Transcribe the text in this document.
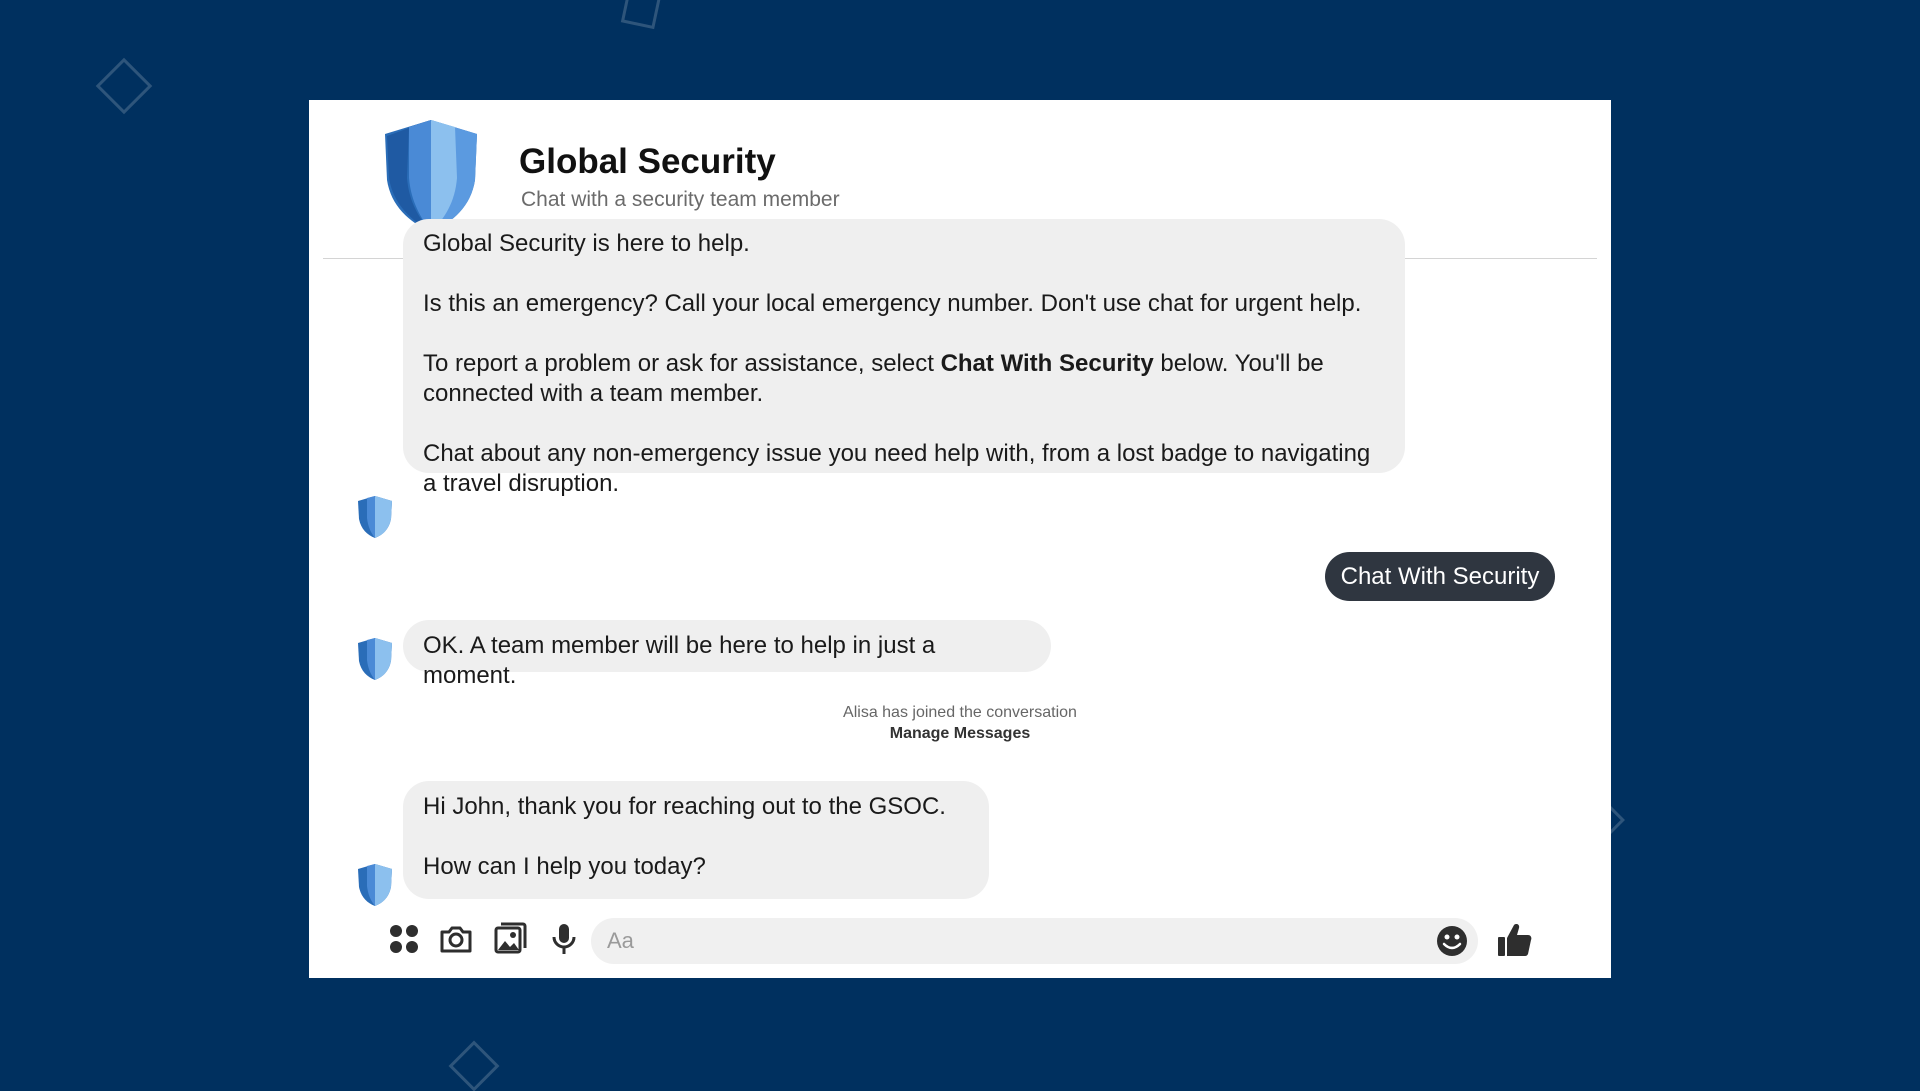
Global Security
Chat with a security team member

Global Security is here to help.

Is this an emergency? Call your local emergency number. Don't use chat for urgent help.

To report a problem or ask for assistance, select Chat With Security below. You'll be connected with a team member.

Chat about any non-emergency issue you need help with, from a lost badge to navigating a travel disruption.

Chat With Security

OK. A team member will be here to help in just a moment.

Alisa has joined the conversation
Manage Messages

Hi John, thank you for reaching out to the GSOC.

How can I help you today?

Aa
